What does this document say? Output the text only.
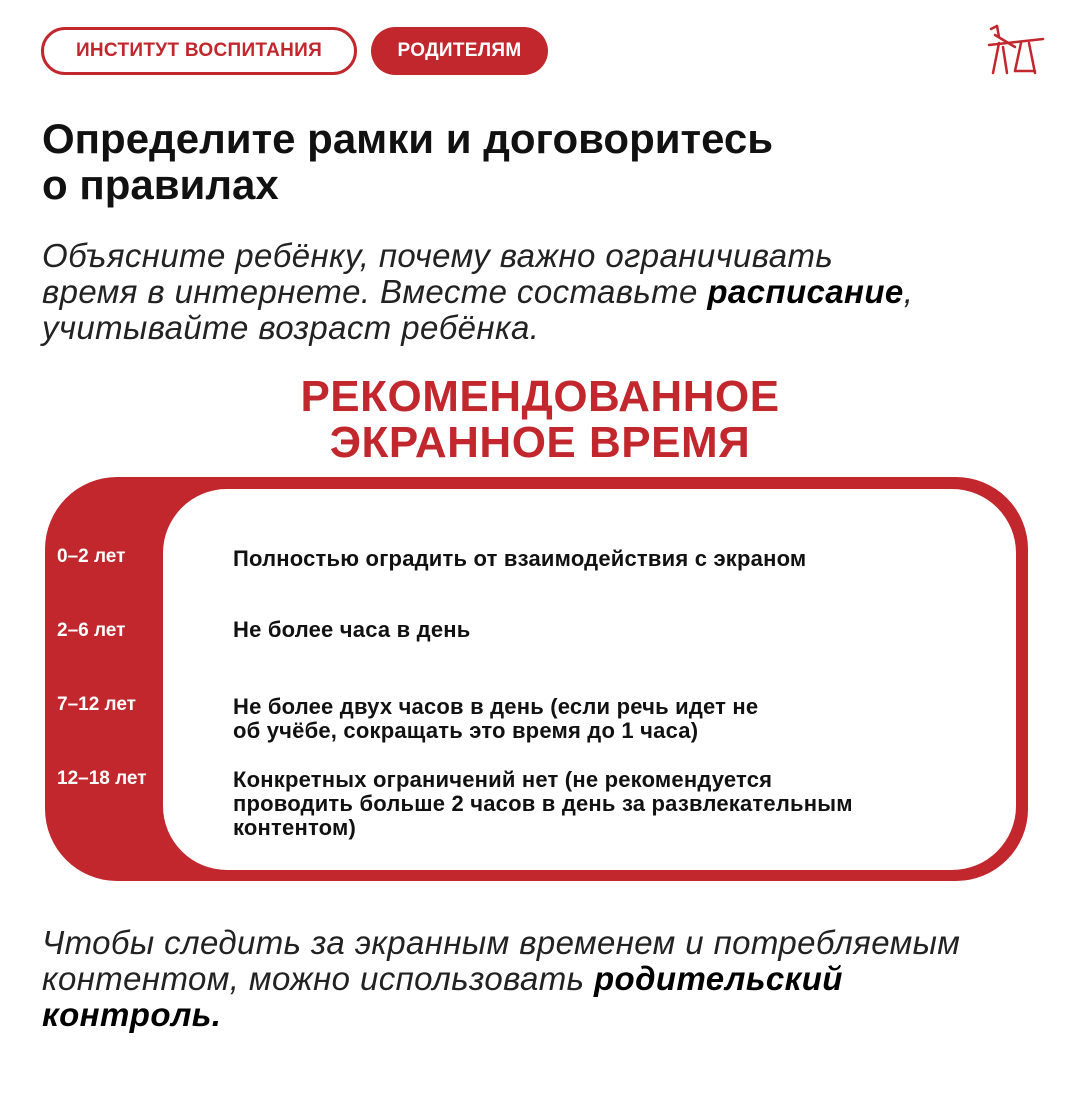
ИНСТИТУТ ВОСПИТАНИЯ	РОДИТЕЛЯМ
Определите рамки и договоритесь
о правилах

Объясните ребёнку, почему важно ограничивать
время в интернете. Вместе составьте расписание,
учитывайте возраст ребёнка.

РЕКОМЕНДОВАННОЕ
ЭКРАННОЕ ВРЕМЯ
0–2 лет	Полностью оградить от взаимодействия с экраном
2–6 лет	Не более часа в день
7–12 лет	Не более двух часов в день (если речь идет не
об учёбе, сокращать это время до 1 часа)
12–18 лет	Конкретных ограничений нет (не рекомендуется
проводить больше 2 часов в день за развлекательным
контентом)

Чтобы следить за экранным временем и потребляемым
контентом, можно использовать родительский
контроль.
